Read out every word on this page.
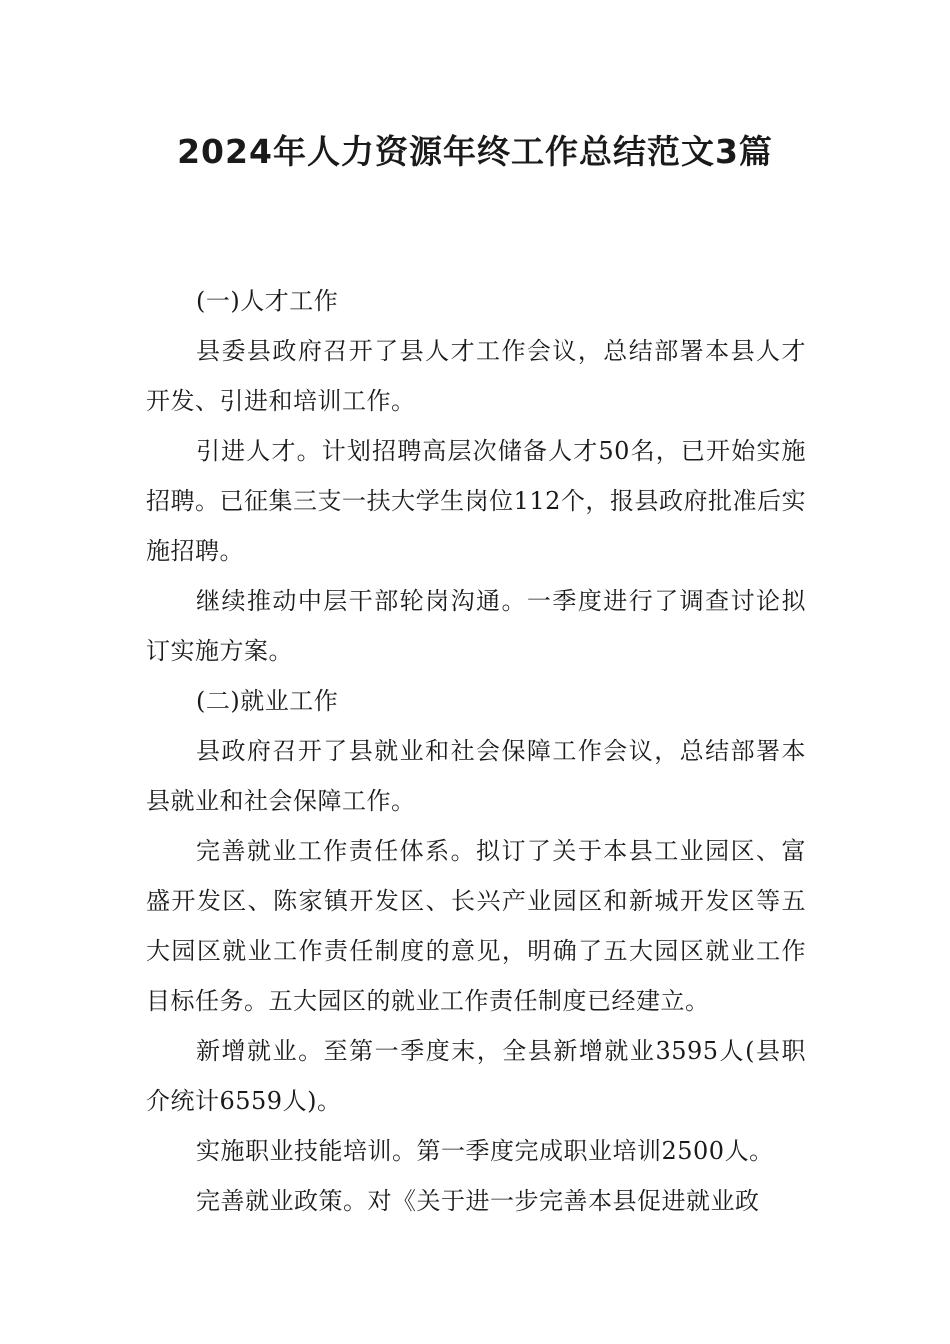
2024年人力资源年终工作总结范文3篇

(一)人才工作

县委县政府召开了县人才工作会议，总结部署本县人才开发、引进和培训工作。

引进人才。计划招聘高层次储备人才50名，已开始实施招聘。已征集三支一扶大学生岗位112个，报县政府批准后实施招聘。

继续推动中层干部轮岗沟通。一季度进行了调查讨论拟订实施方案。

(二)就业工作

县政府召开了县就业和社会保障工作会议，总结部署本县就业和社会保障工作。

完善就业工作责任体系。拟订了关于本县工业园区、富盛开发区、陈家镇开发区、长兴产业园区和新城开发区等五大园区就业工作责任制度的意见，明确了五大园区就业工作目标任务。五大园区的就业工作责任制度已经建立。

新增就业。至第一季度末，全县新增就业3595人(县职介统计6559人)。

实施职业技能培训。第一季度完成职业培训2500人。

完善就业政策。对《关于进一步完善本县促进就业政
